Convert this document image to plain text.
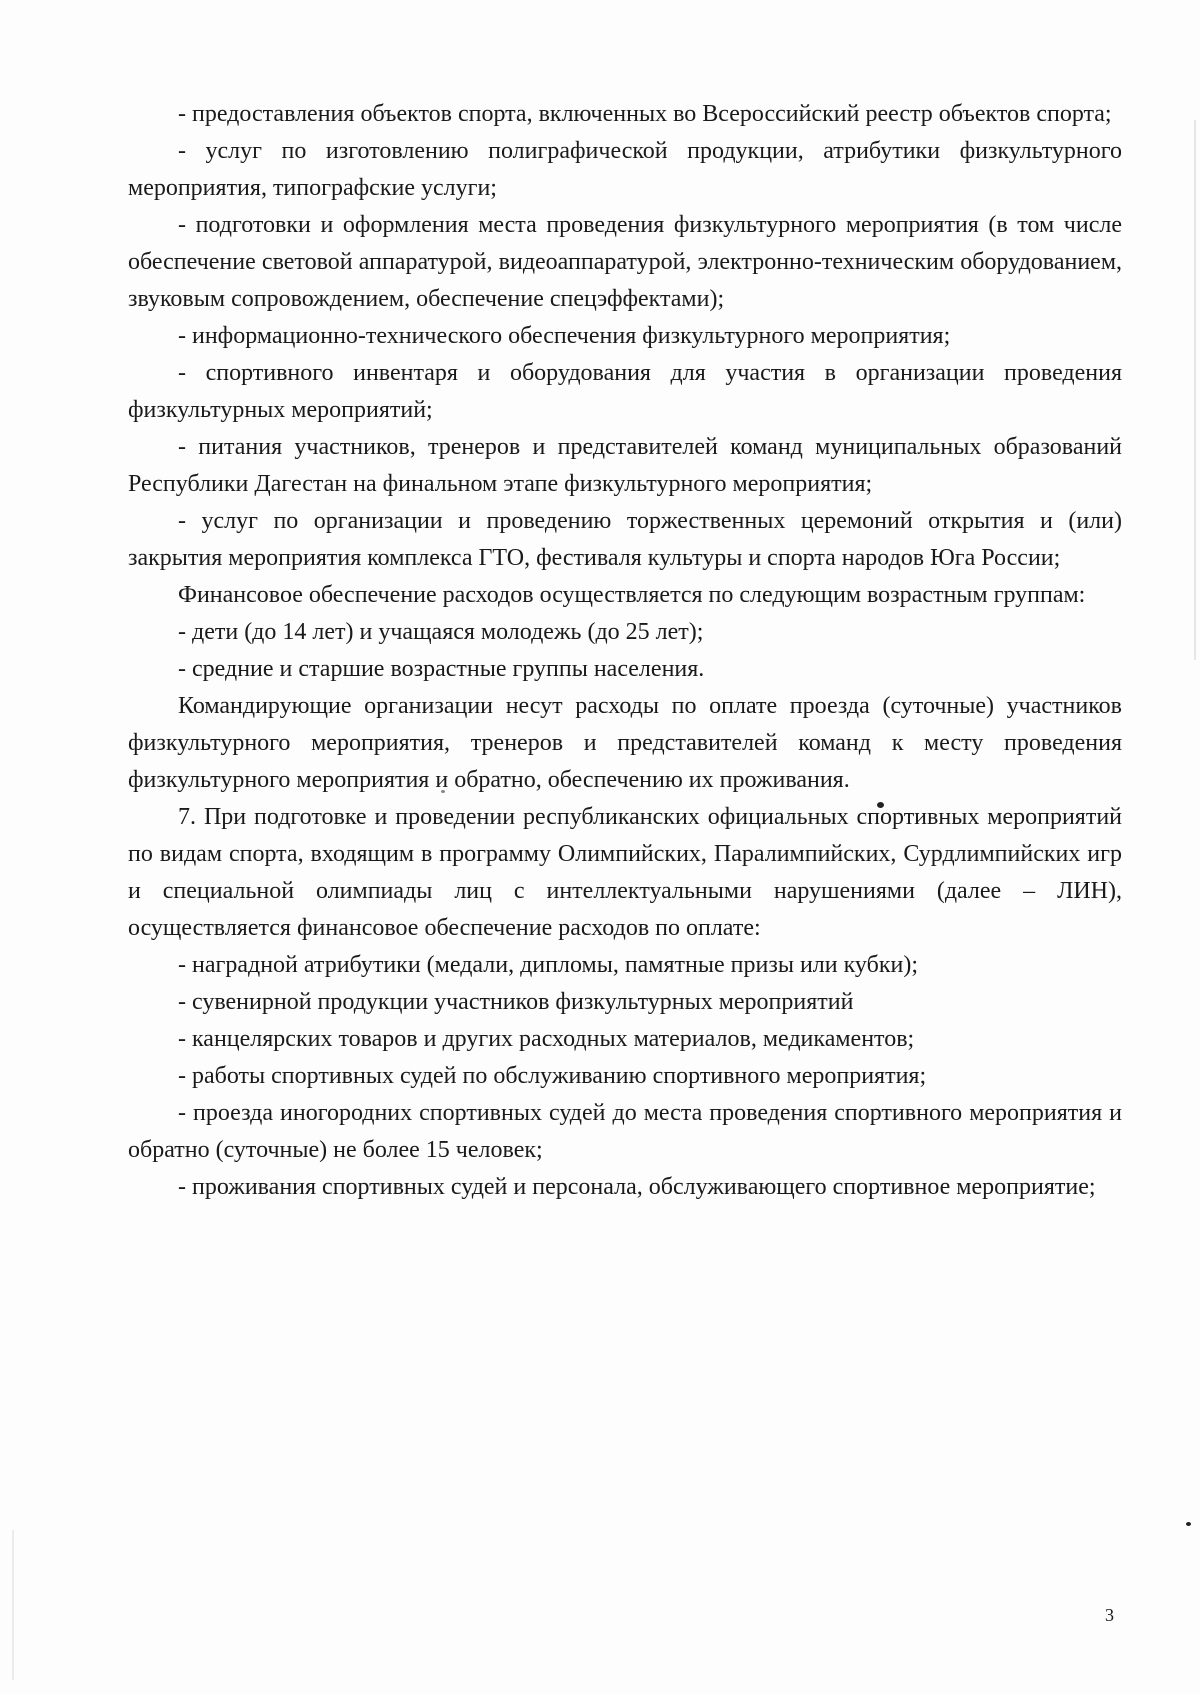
- предоставления объектов спорта, включенных во Всероссийский реестр объектов спорта;

- услуг по изготовлению полиграфической продукции, атрибутики физкультурного мероприятия, типографские услуги;

- подготовки и оформления места проведения физкультурного мероприятия (в том числе обеспечение световой аппаратурой, видеоаппаратурой, электронно-техническим оборудованием, звуковым сопровождением, обеспечение спецэффектами);

- информационно-технического обеспечения физкультурного мероприятия;

- спортивного инвентаря и оборудования для участия в организации проведения физкультурных мероприятий;

- питания участников, тренеров и представителей команд муниципальных образований Республики Дагестан на финальном этапе физкультурного мероприятия;

- услуг по организации и проведению торжественных церемоний открытия и (или) закрытия мероприятия комплекса ГТО, фестиваля культуры и спорта народов Юга России;

Финансовое обеспечение расходов осуществляется по следующим возрастным группам:

- дети (до 14 лет) и учащаяся молодежь (до 25 лет);

- средние и старшие возрастные группы населения.

Командирующие организации несут расходы по оплате проезда (суточные) участников физкультурного мероприятия, тренеров и представителей команд к месту проведения физкультурного мероприятия и обратно, обеспечению их проживания.

7. При подготовке и проведении республиканских официальных спортивных мероприятий по видам спорта, входящим в программу Олимпийских, Паралимпийских, Сурдлимпийских игр и специальной олимпиады лиц с интеллектуальными нарушениями (далее – ЛИН), осуществляется финансовое обеспечение расходов по оплате:

- наградной атрибутики (медали, дипломы, памятные призы или кубки);

- сувенирной продукции участников физкультурных мероприятий

- канцелярских товаров и других расходных материалов, медикаментов;

- работы спортивных судей по обслуживанию спортивного мероприятия;

- проезда иногородних спортивных судей до места проведения спортивного мероприятия и обратно (суточные) не более 15 человек;

- проживания спортивных судей и персонала, обслуживающего спортивное мероприятие;

3
